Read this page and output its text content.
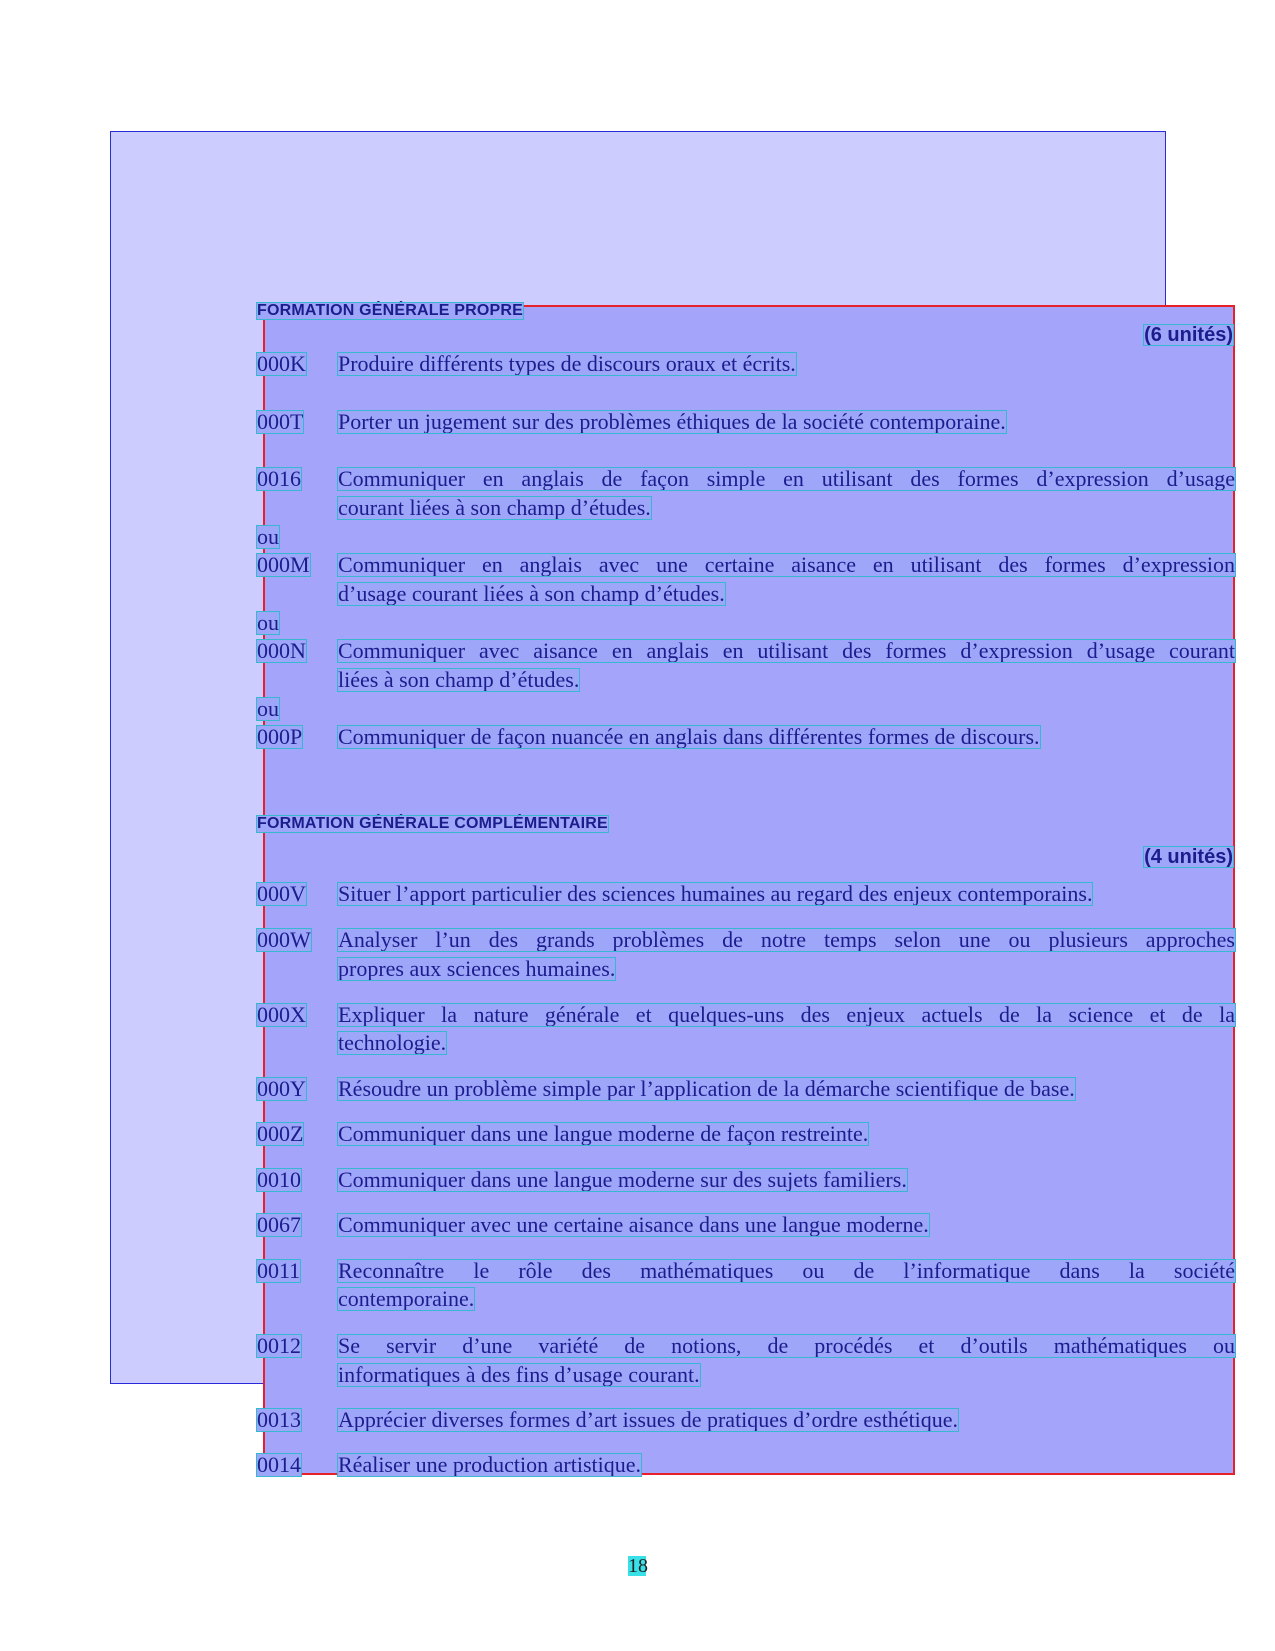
FORMATION GÉNÉRALE PROPRE
(6 unités)
000K Produire différents types de discours oraux et écrits.
000T Porter un jugement sur des problèmes éthiques de la société contemporaine.
0016 Communiquer en anglais de façon simple en utilisant des formes d’expression d’usage
courant liées à son champ d’études.
ou
000M Communiquer en anglais avec une certaine aisance en utilisant des formes d’expression
d’usage courant liées à son champ d’études.
ou
000N Communiquer avec aisance en anglais en utilisant des formes d’expression d’usage courant
liées à son champ d’études.
ou
000P Communiquer de façon nuancée en anglais dans différentes formes de discours.
FORMATION GÉNÉRALE COMPLÉMENTAIRE
(4 unités)
000V Situer l’apport particulier des sciences humaines au regard des enjeux contemporains.
000W Analyser l’un des grands problèmes de notre temps selon une ou plusieurs approches
propres aux sciences humaines.
000X Expliquer la nature générale et quelques-uns des enjeux actuels de la science et de la
technologie.
000Y Résoudre un problème simple par l’application de la démarche scientifique de base.
000Z Communiquer dans une langue moderne de façon restreinte.
0010 Communiquer dans une langue moderne sur des sujets familiers.
0067 Communiquer avec une certaine aisance dans une langue moderne.
0011 Reconnaître le rôle des mathématiques ou de l’informatique dans la société
contemporaine.
0012 Se servir d’une variété de notions, de procédés et d’outils mathématiques ou
informatiques à des fins d’usage courant.
0013 Apprécier diverses formes d’art issues de pratiques d’ordre esthétique.
0014 Réaliser une production artistique.
18
